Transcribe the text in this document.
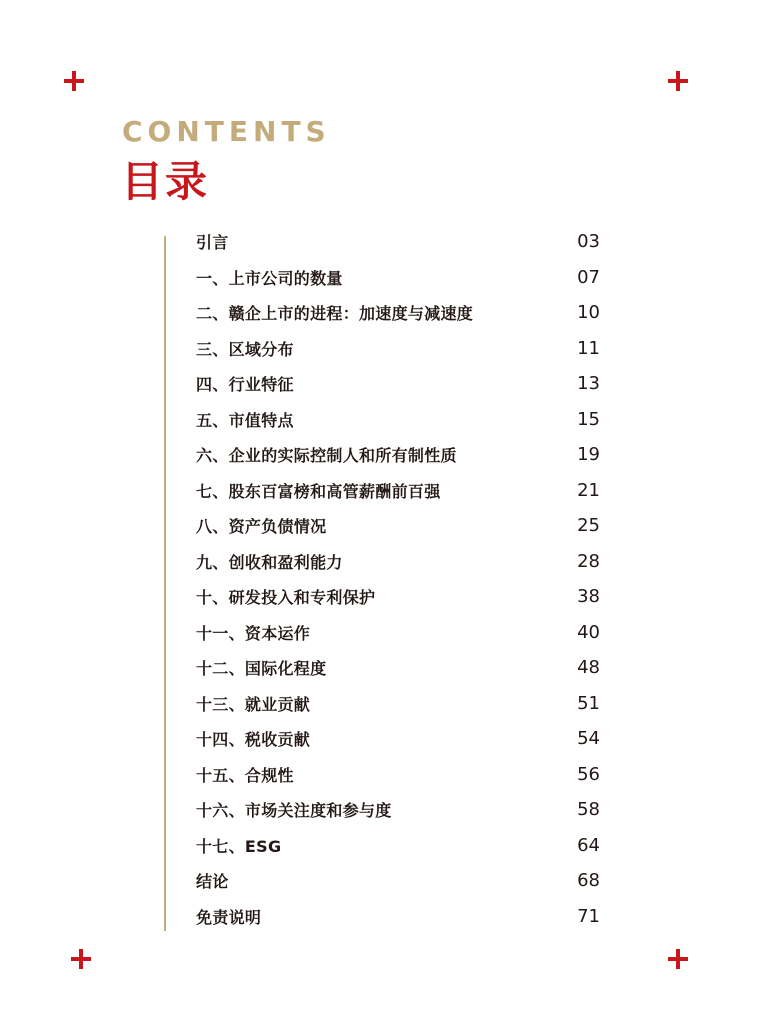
CONTENTS
目录
引言	03
一、上市公司的数量	07
二、赣企上市的进程：加速度与减速度	10
三、区域分布	11
四、行业特征	13
五、市值特点	15
六、企业的实际控制人和所有制性质	19
七、股东百富榜和高管薪酬前百强	21
八、资产负债情况	25
九、创收和盈利能力	28
十、研发投入和专利保护	38
十一、资本运作	40
十二、国际化程度	48
十三、就业贡献	51
十四、税收贡献	54
十五、合规性	56
十六、市场关注度和参与度	58
十七、ESG	64
结论	68
免责说明	71
